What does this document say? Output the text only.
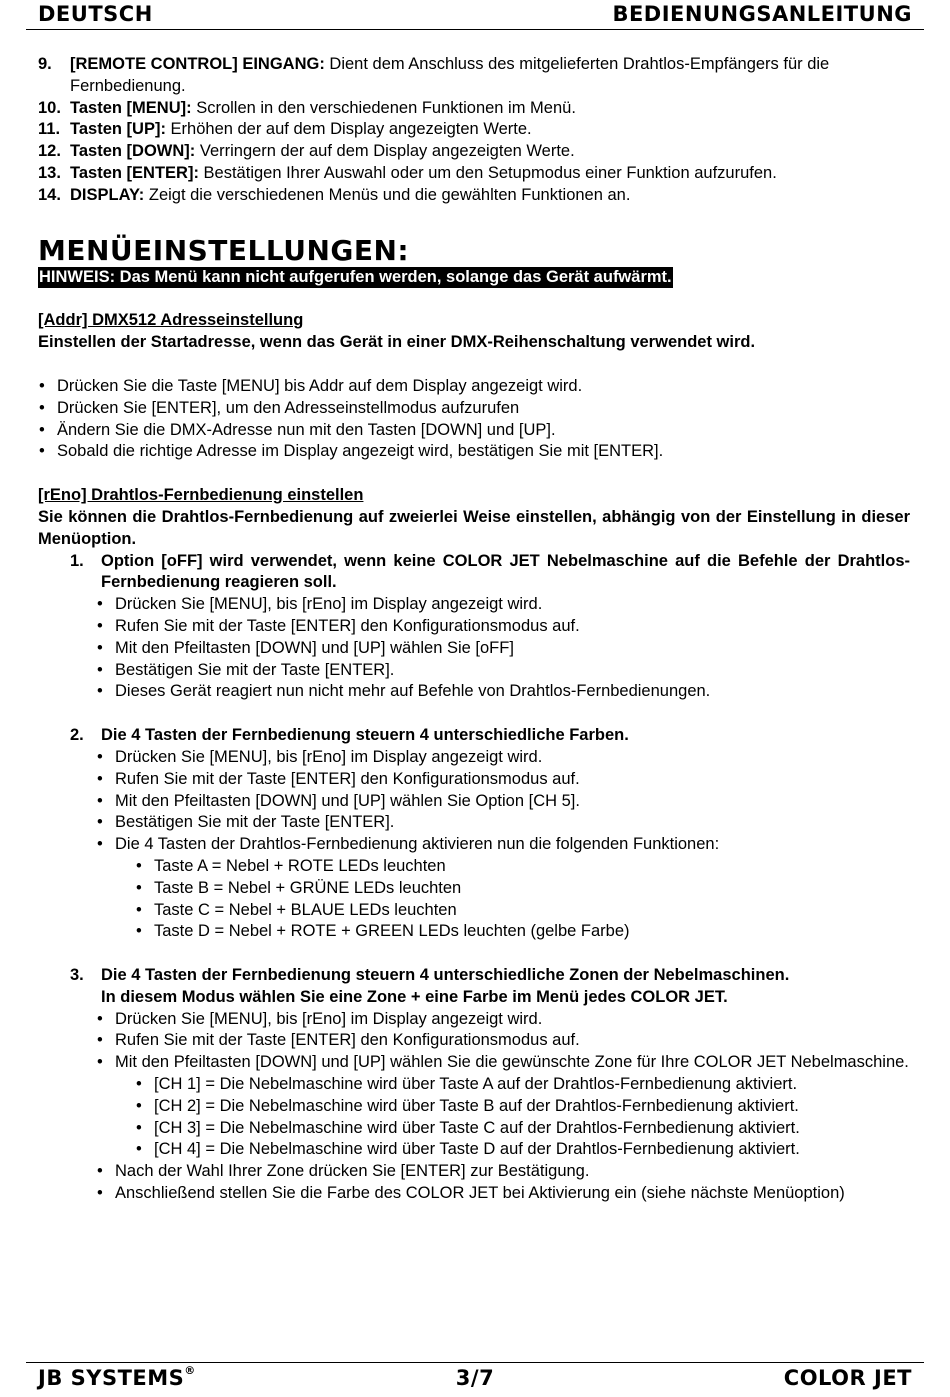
DEUTSCH	BEDIENUNGSANLEITUNG
9.	[REMOTE CONTROL] EINGANG: Dient dem Anschluss des mitgelieferten Drahtlos-Empfängers für die Fernbedienung.
10. Tasten [MENU]: Scrollen in den verschiedenen Funktionen im Menü.
11. Tasten [UP]: Erhöhen der auf dem Display angezeigten Werte.
12. Tasten [DOWN]: Verringern der auf dem Display angezeigten Werte.
13. Tasten [ENTER]: Bestätigen Ihrer Auswahl oder um den Setupmodus einer Funktion aufzurufen.
14. DISPLAY: Zeigt die verschiedenen Menüs und die gewählten Funktionen an.
MENÜEINSTELLUNGEN:
HINWEIS: Das Menü kann nicht aufgerufen werden, solange das Gerät aufwärmt.
[Addr] DMX512 Adresseinstellung
Einstellen der Startadresse, wenn das Gerät in einer DMX-Reihenschaltung verwendet wird.
• Drücken Sie die Taste [MENU] bis Addr auf dem Display angezeigt wird.
• Drücken Sie [ENTER], um den Adresseinstellmodus aufzurufen
• Ändern Sie die DMX-Adresse nun mit den Tasten [DOWN] und [UP].
• Sobald die richtige Adresse im Display angezeigt wird, bestätigen Sie mit [ENTER].
[rEno] Drahtlos-Fernbedienung einstellen
Sie können die Drahtlos-Fernbedienung auf zweierlei Weise einstellen, abhängig von der Einstellung in dieser Menüoption.
1.	Option [oFF] wird verwendet, wenn keine COLOR JET Nebelmaschine auf die Befehle der Drahtlos-Fernbedienung reagieren soll.
• Drücken Sie [MENU], bis [rEno] im Display angezeigt wird.
• Rufen Sie mit der Taste [ENTER] den Konfigurationsmodus auf.
• Mit den Pfeiltasten [DOWN] und [UP] wählen Sie [oFF]
• Bestätigen Sie mit der Taste [ENTER].
• Dieses Gerät reagiert nun nicht mehr auf Befehle von Drahtlos-Fernbedienungen.
2.	Die 4 Tasten der Fernbedienung steuern 4 unterschiedliche Farben.
• Drücken Sie [MENU], bis [rEno] im Display angezeigt wird.
• Rufen Sie mit der Taste [ENTER] den Konfigurationsmodus auf.
• Mit den Pfeiltasten [DOWN] und [UP] wählen Sie Option [CH 5].
• Bestätigen Sie mit der Taste [ENTER].
• Die 4 Tasten der Drahtlos-Fernbedienung aktivieren nun die folgenden Funktionen:
• Taste A = Nebel + ROTE LEDs leuchten
• Taste B = Nebel + GRÜNE LEDs leuchten
• Taste C = Nebel + BLAUE LEDs leuchten
• Taste D = Nebel + ROTE + GREEN LEDs leuchten (gelbe Farbe)
3.	Die 4 Tasten der Fernbedienung steuern 4 unterschiedliche Zonen der Nebelmaschinen.
In diesem Modus wählen Sie eine Zone + eine Farbe im Menü jedes COLOR JET.
• Drücken Sie [MENU], bis [rEno] im Display angezeigt wird.
• Rufen Sie mit der Taste [ENTER] den Konfigurationsmodus auf.
• Mit den Pfeiltasten [DOWN] und [UP] wählen Sie die gewünschte Zone für Ihre COLOR JET Nebelmaschine.
• [CH 1] = Die Nebelmaschine wird über Taste A auf der Drahtlos-Fernbedienung aktiviert.
• [CH 2] = Die Nebelmaschine wird über Taste B auf der Drahtlos-Fernbedienung aktiviert.
• [CH 3] = Die Nebelmaschine wird über Taste C auf der Drahtlos-Fernbedienung aktiviert.
• [CH 4] = Die Nebelmaschine wird über Taste D auf der Drahtlos-Fernbedienung aktiviert.
• Nach der Wahl Ihrer Zone drücken Sie [ENTER] zur Bestätigung.
• Anschließend stellen Sie die Farbe des COLOR JET bei Aktivierung ein (siehe nächste Menüoption)
JB SYSTEMS®	3/7	COLOR JET
